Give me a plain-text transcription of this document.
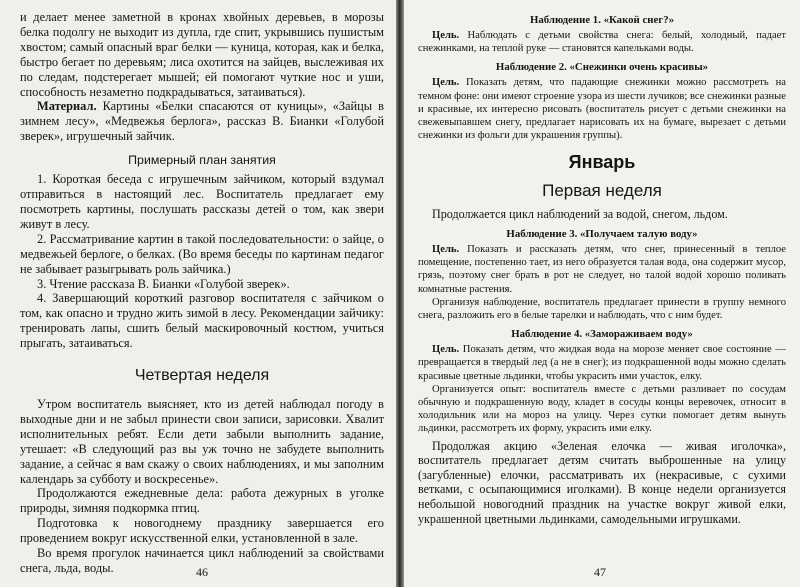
и делает менее заметной в кронах хвойных деревьев, в морозы белка подолгу не выходит из дупла, где спит, укрывшись пушистым хвостом; самый опасный враг белки — куница, которая, как и белка, быстро бегает по деревьям; лиса охотится на зайцев, выслеживая их по следам, подстерегает мышей; ей помогают чуткие нос и уши, способность незаметно подкрадываться, затаиваться).

Материал. Картины «Белки спасаются от куницы», «Зайцы в зимнем лесу», «Медвежья берлога», рассказ В. Бианки «Голубой зверек», игрушечный зайчик.

Примерный план занятия

1. Короткая беседа с игрушечным зайчиком, который вздумал отправиться в настоящий лес. Воспитатель предлагает ему посмотреть картины, послушать рассказы детей о том, как звери живут в лесу.

2. Рассматривание картин в такой последовательности: о зайце, о медвежьей берлоге, о белках. (Во время беседы по картинам педагог не забывает разыгрывать роль зайчика.)

3. Чтение рассказа В. Бианки «Голубой зверек».

4. Завершающий короткий разговор воспитателя с зайчиком о том, как опасно и трудно жить зимой в лесу. Рекомендации зайчику: тренировать лапы, сшить белый маскировочный костюм, учиться прыгать, затаиваться.

Четвертая неделя

Утром воспитатель выясняет, кто из детей наблюдал погоду в выходные дни и не забыл принести свои записи, зарисовки. Хвалит исполнительных ребят. Если дети забыли выполнить задание, утешает: «В следующий раз вы уж точно не забудете выполнить задание, а сейчас я вам скажу о своих наблюдениях, и мы заполним календарь за субботу и воскресенье».

Продолжаются ежедневные дела: работа дежурных в уголке природы, зимняя подкормка птиц.

Подготовка к новогоднему празднику завершается его проведением вокруг искусственной елки, установленной в зале.

Во время прогулок начинается цикл наблюдений за свойствами снега, льда, воды.	46
Наблюдение 1. «Какой снег?»

Цель. Наблюдать с детьми свойства снега: белый, холодный, падает снежинками, на теплой руке — становятся капельками воды.

Наблюдение 2. «Снежинки очень красивы»

Цель. Показать детям, что падающие снежинки можно рассмотреть на темном фоне: они имеют строение узора из шести лучиков; все снежинки разные и красивые, их интересно рисовать (воспитатель рисует с детьми снежинки на свежевыпавшем снегу, предлагает нарисовать их на бумаге, вырезает с детьми снежинки из фольги для украшения группы).

Январь
Первая неделя

Продолжается цикл наблюдений за водой, снегом, льдом.

Наблюдение 3. «Получаем талую воду»

Цель. Показать и рассказать детям, что снег, принесенный в теплое помещение, постепенно тает, из него образуется талая вода, она содержит мусор, грязь, поэтому снег брать в рот не следует, но талой водой хорошо поливать комнатные растения.

Организуя наблюдение, воспитатель предлагает принести в группу немного снега, разложить его в белые тарелки и наблюдать, что с ним будет.

Наблюдение 4. «Замораживаем воду»

Цель. Показать детям, что жидкая вода на морозе меняет свое состояние — превращается в твердый лед (а не в снег); из подкрашенной воды можно сделать красивые цветные льдинки, чтобы украсить ими участок, елку.

Организуется опыт: воспитатель вместе с детьми разливает по сосудам обычную и подкрашенную воду, кладет в сосуды концы веревочек, относит в холодильник или на мороз на улицу. Через сутки помогает детям вынуть льдинки, рассмотреть их форму, украсить ими елку.

Продолжая акцию «Зеленая елочка — живая иголочка», воспитатель предлагает детям считать выброшенные на улицу (загубленные) елочки, рассматривать их (некрасивые, с сухими ветками, с осыпающимися иголками). В конце недели организуется небольшой новогодний праздник на участке вокруг живой елки, украшенной цветными льдинками, самодельными игрушками.

47
